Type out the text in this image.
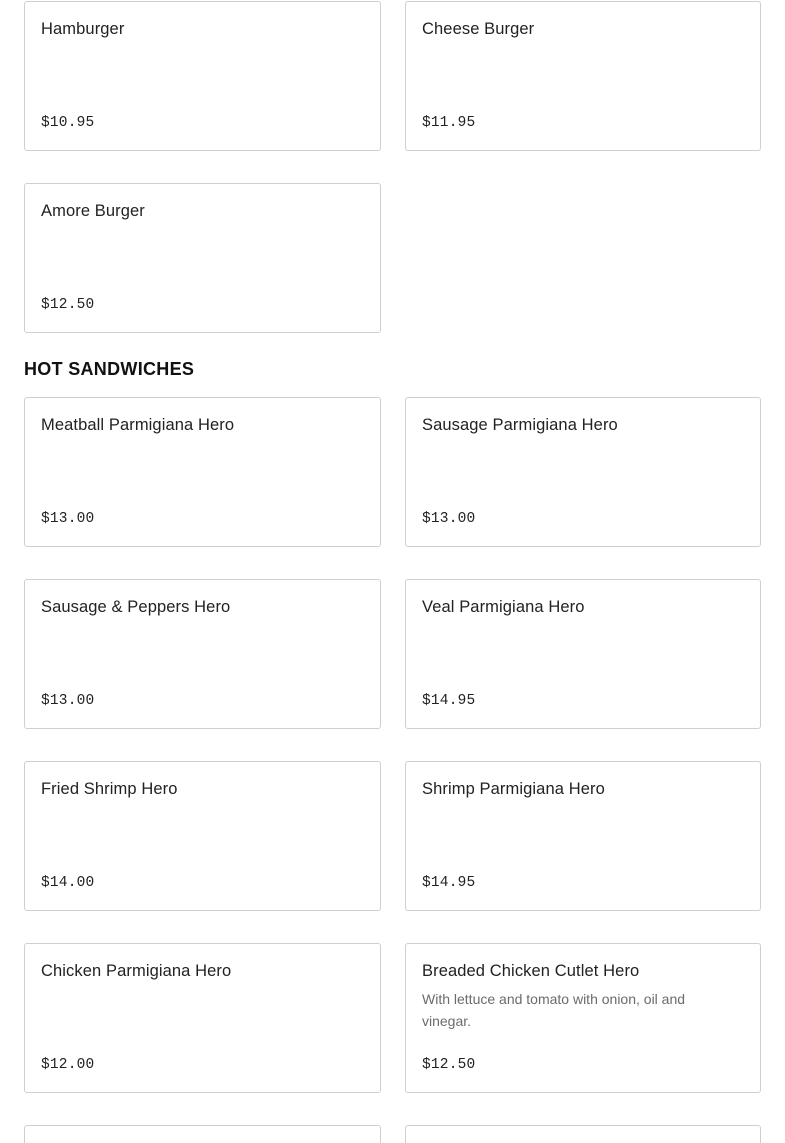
Hamburger
$10.95
Cheese Burger
$11.95
Amore Burger
$12.50
HOT SANDWICHES
Meatball Parmigiana Hero
$13.00
Sausage Parmigiana Hero
$13.00
Sausage & Peppers Hero
$13.00
Veal Parmigiana Hero
$14.95
Fried Shrimp Hero
$14.00
Shrimp Parmigiana Hero
$14.95
Chicken Parmigiana Hero
$12.00
Breaded Chicken Cutlet Hero
With lettuce and tomato with onion, oil and vinegar.
$12.50
